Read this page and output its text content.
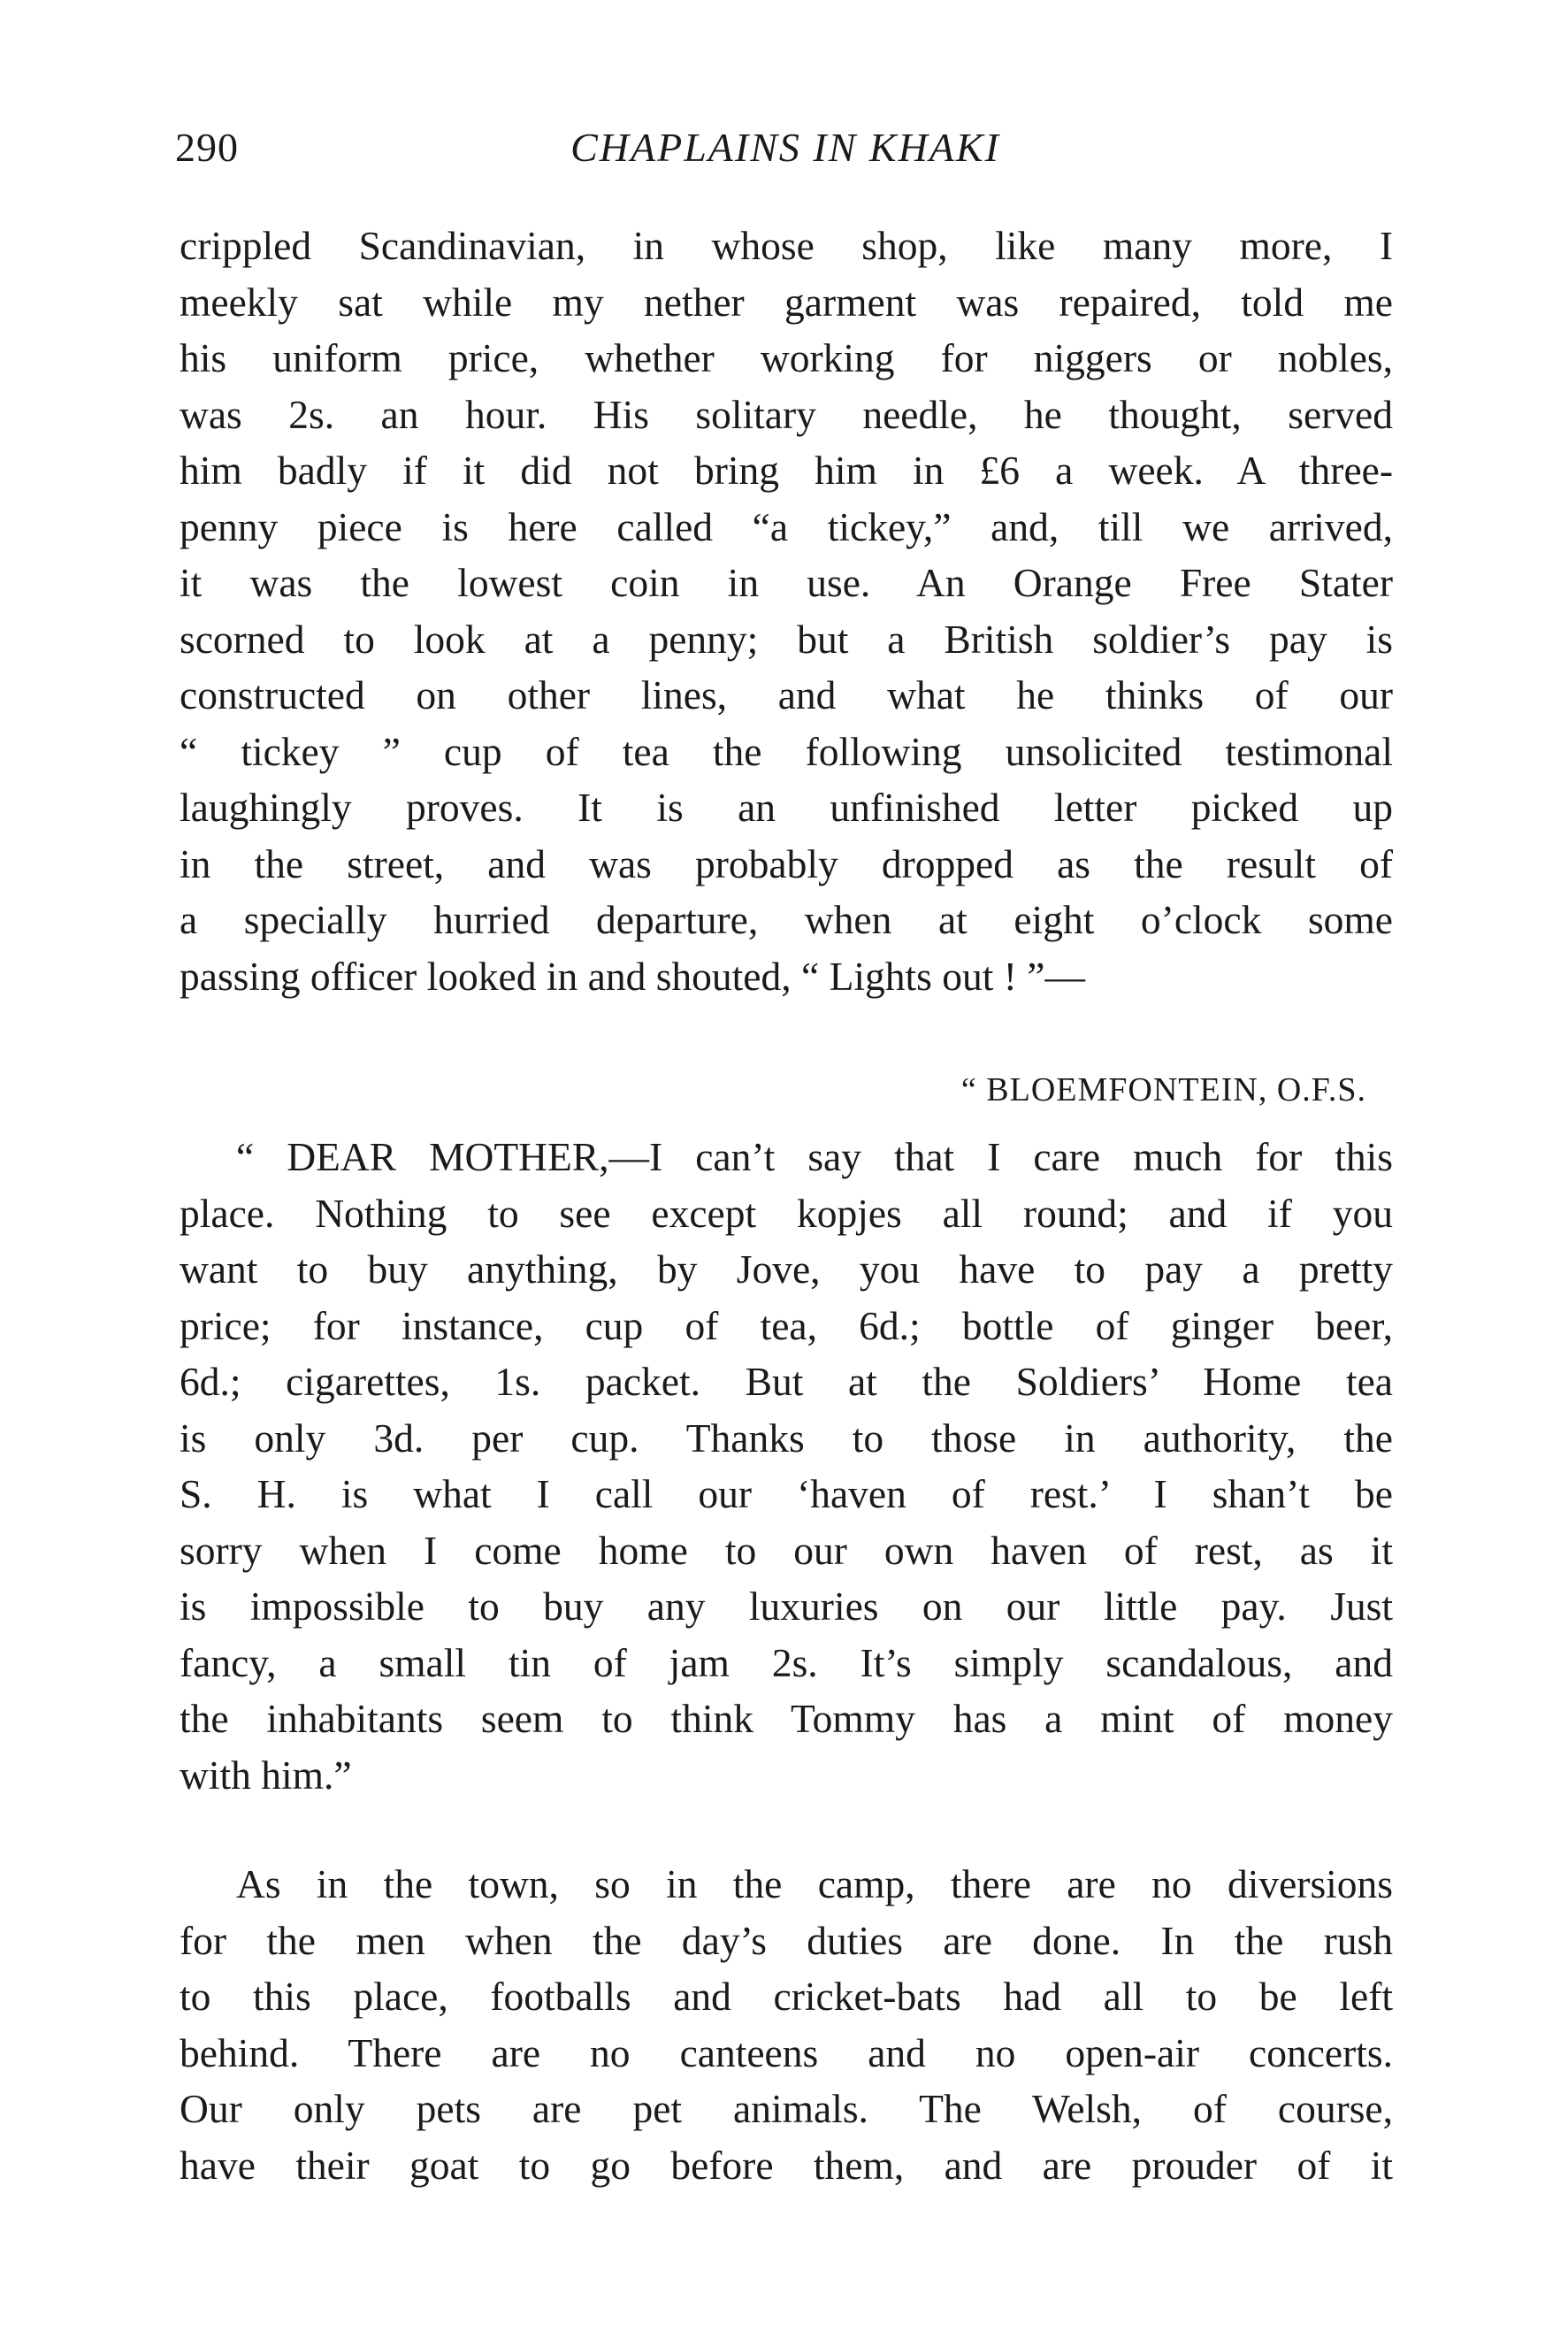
290	CHAPLAINS IN KHAKI
crippled Scandinavian, in whose shop, like many more, I
meekly sat while my nether garment was repaired, told me
his uniform price, whether working for niggers or nobles,
was 2s. an hour. His solitary needle, he thought, served
him badly if it did not bring him in £6 a week. A three-
penny piece is here called “a tickey,” and, till we arrived,
it was the lowest coin in use. An Orange Free Stater
scorned to look at a penny; but a British soldier’s pay is
constructed on other lines, and what he thinks of our
“ tickey ” cup of tea the following unsolicited testimonal
laughingly proves. It is an unfinished letter picked up
in the street, and was probably dropped as the result of
a specially hurried departure, when at eight o’clock some
passing officer looked in and shouted, “ Lights out ! ”—
“ BLOEMFONTEIN, O.F.S.
“ DEAR MOTHER,—I can’t say that I care much for this
place. Nothing to see except kopjes all round; and if you
want to buy anything, by Jove, you have to pay a pretty
price; for instance, cup of tea, 6d.; bottle of ginger beer,
6d.; cigarettes, 1s. packet. But at the Soldiers’ Home tea
is only 3d. per cup. Thanks to those in authority, the
S. H. is what I call our ‘haven of rest.’ I shan’t be
sorry when I come home to our own haven of rest, as it
is impossible to buy any luxuries on our little pay. Just
fancy, a small tin of jam 2s. It’s simply scandalous, and
the inhabitants seem to think Tommy has a mint of money
with him.”
As in the town, so in the camp, there are no diversions
for the men when the day’s duties are done. In the rush
to this place, footballs and cricket-bats had all to be left
behind. There are no canteens and no open-air concerts.
Our only pets are pet animals. The Welsh, of course,
have their goat to go before them, and are prouder of it
